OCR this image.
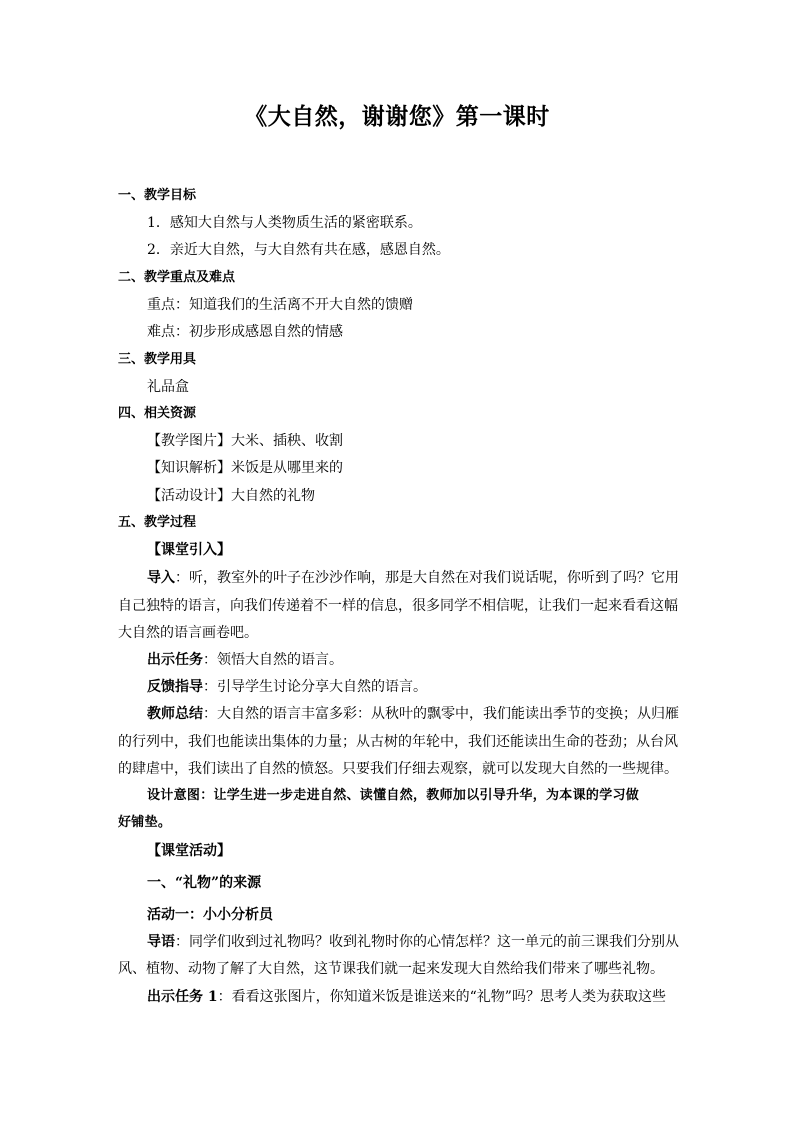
《大自然，谢谢您》第一课时
一、教学目标
1．感知大自然与人类物质生活的紧密联系。
2．亲近大自然，与大自然有共在感，感恩自然。
二、教学重点及难点
重点：知道我们的生活离不开大自然的馈赠
难点：初步形成感恩自然的情感
三、教学用具
礼品盒
四、相关资源
【教学图片】大米、插秧、收割
【知识解析】米饭是从哪里来的
【活动设计】大自然的礼物
五、教学过程
【课堂引入】
导入：听，教室外的叶子在沙沙作响，那是大自然在对我们说话呢，你听到了吗？它用
自己独特的语言，向我们传递着不一样的信息，很多同学不相信呢，让我们一起来看看这幅
大自然的语言画卷吧。
出示任务：领悟大自然的语言。
反馈指导：引导学生讨论分享大自然的语言。
教师总结：大自然的语言丰富多彩：从秋叶的飘零中，我们能读出季节的变换；从归雁
的行列中，我们也能读出集体的力量；从古树的年轮中，我们还能读出生命的苍劲；从台风
的肆虐中，我们读出了自然的愤怒。只要我们仔细去观察，就可以发现大自然的一些规律。
设计意图：让学生进一步走进自然、读懂自然，教师加以引导升华，为本课的学习做
好铺垫。
【课堂活动】
一、“礼物”的来源
活动一：小小分析员
导语：同学们收到过礼物吗？收到礼物时你的心情怎样？这一单元的前三课我们分别从
风、植物、动物了解了大自然，这节课我们就一起来发现大自然给我们带来了哪些礼物。
出示任务 1：看看这张图片，你知道米饭是谁送来的“礼物”吗？思考人类为获取这些
